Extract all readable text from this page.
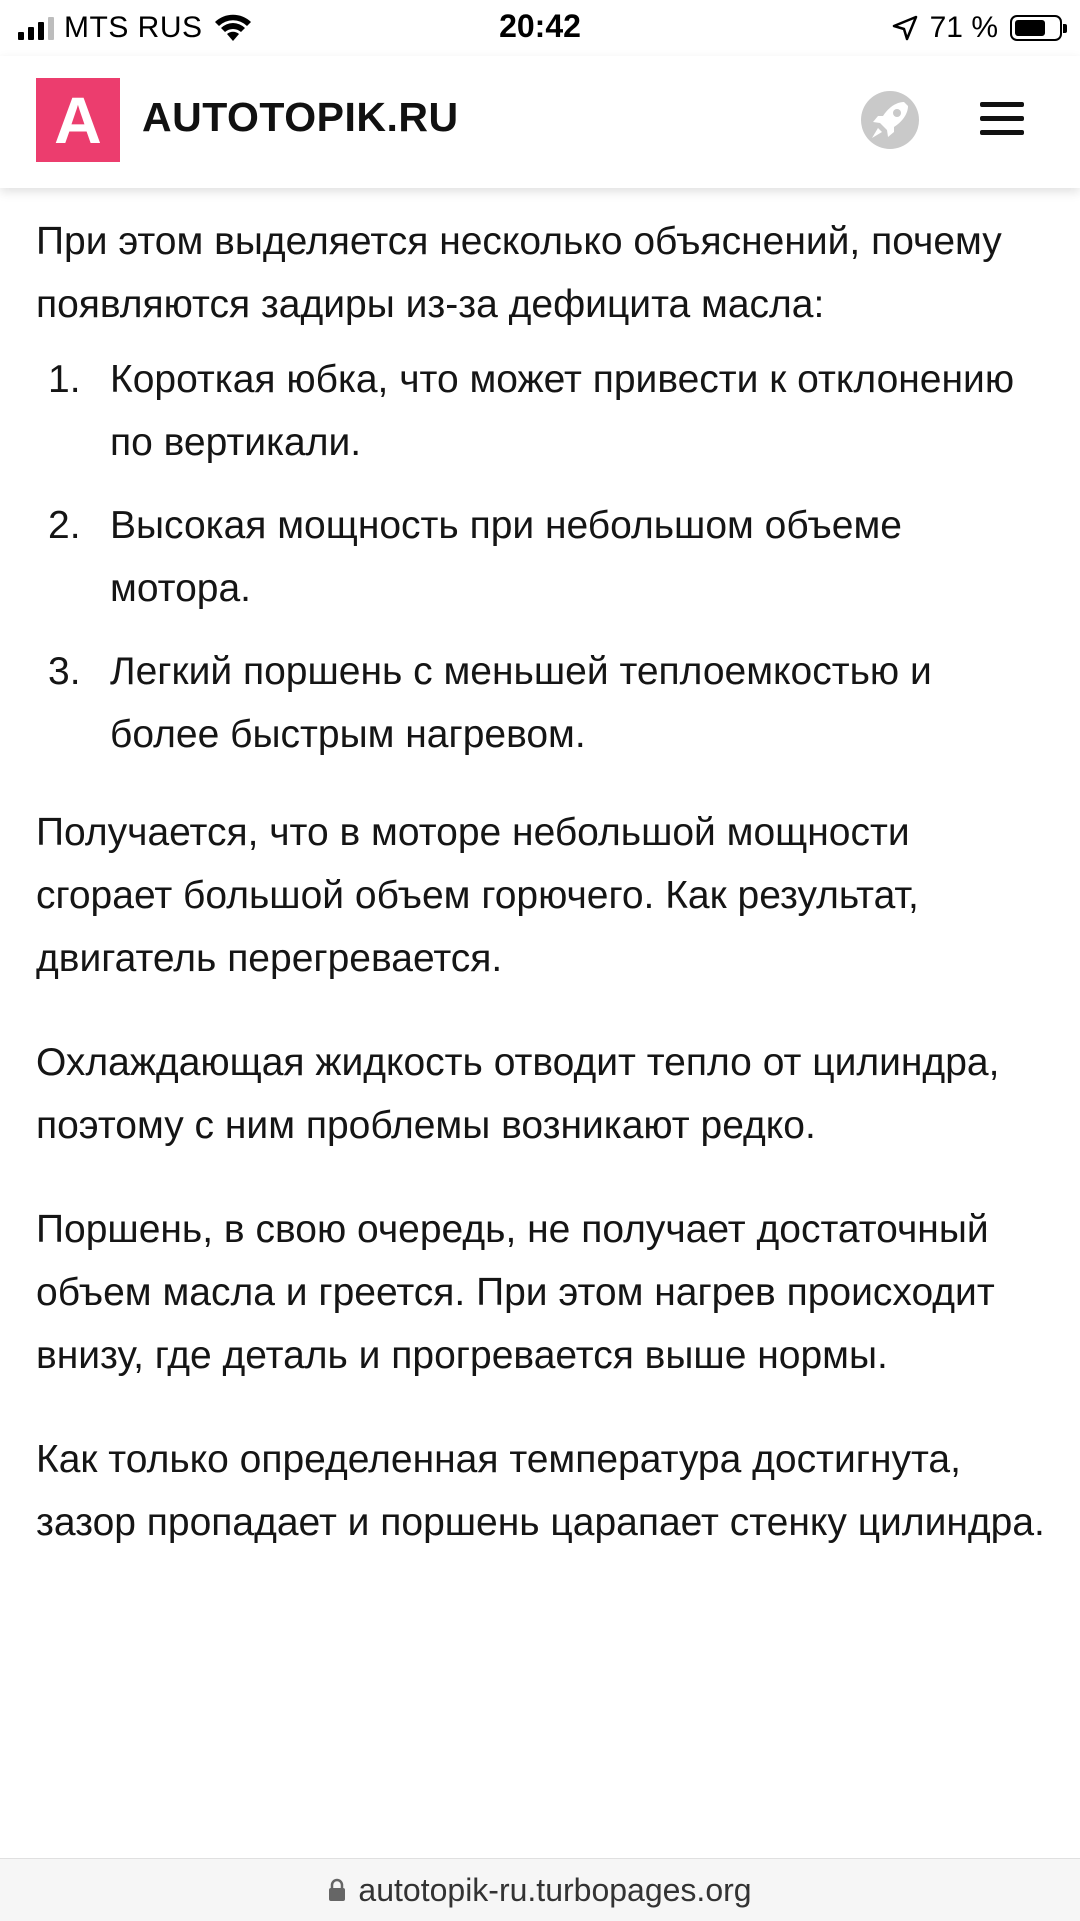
MTS RUS	20:42	71 %
A AUTOTOPIK.RU

При этом выделяется несколько объяснений, почему появляются задиры из-за дефицита масла:

1. Короткая юбка, что может привести к отклонению по вертикали.
2. Высокая мощность при небольшом объеме мотора.
3. Легкий поршень с меньшей теплоемкостью и более быстрым нагревом.

Получается, что в моторе небольшой мощности сгорает большой объем горючего. Как результат, двигатель перегревается.

Охлаждающая жидкость отводит тепло от цилиндра, поэтому с ним проблемы возникают редко.

Поршень, в свою очередь, не получает достаточный объем масла и греется. При этом нагрев происходит внизу, где деталь и прогревается выше нормы.

Как только определенная температура достигнута, зазор пропадает и поршень царапает стенку цилиндра.

autotopik-ru.turbopages.org
